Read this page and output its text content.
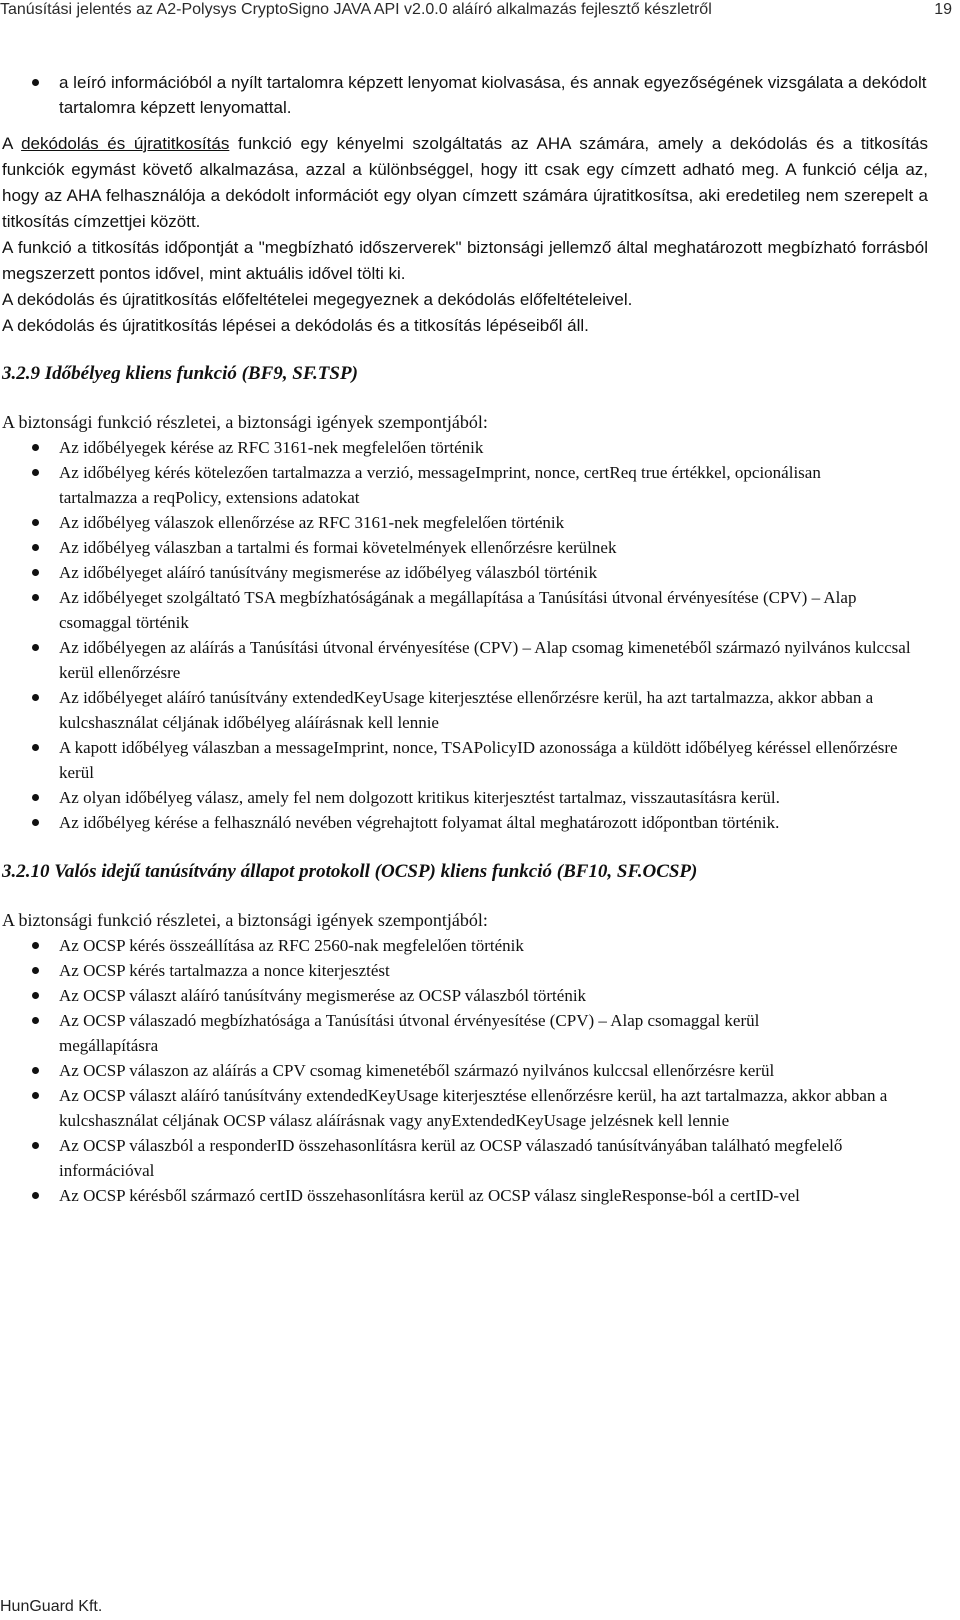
Tanúsítási jelentés az A2-Polysys CryptoSigno JAVA API v2.0.0 aláíró alkalmazás fejlesztő készletről	19
a leíró információból a nyílt tartalomra képzett lenyomat kiolvasása, és annak egyezőségének vizsgálata a dekódolt tartalomra képzett lenyomattal.

A dekódolás és újratitkosítás funkció egy kényelmi szolgáltatás az AHA számára, amely a dekódolás és a titkosítás funkciók egymást követő alkalmazása, azzal a különbséggel, hogy itt csak egy címzett adható meg. A funkció célja az, hogy az AHA felhasználója a dekódolt információt egy olyan címzett számára újratitkosítsa, aki eredetileg nem szerepelt a titkosítás címzettjei között.

A funkció a titkosítás időpontját a "megbízható időszerverek" biztonsági jellemző által meghatározott megbízható forrásból megszerzett pontos idővel, mint aktuális idővel tölti ki.

A dekódolás és újratitkosítás előfeltételei megegyeznek a dekódolás előfeltételeivel.

A dekódolás és újratitkosítás lépései a dekódolás és a titkosítás lépéseiből áll.

3.2.9 Időbélyeg kliens funkció (BF9, SF.TSP)

A biztonsági funkció részletei, a biztonsági igények szempontjából:

Az időbélyegek kérése az RFC 3161-nek megfelelően történik
Az időbélyeg kérés kötelezően tartalmazza a verzió, messageImprint, nonce, certReq true értékkel, opcionálisan tartalmazza a reqPolicy, extensions adatokat
Az időbélyeg válaszok ellenőrzése az RFC 3161-nek megfelelően történik
Az időbélyeg válaszban a tartalmi és formai követelmények ellenőrzésre kerülnek
Az időbélyeget aláíró tanúsítvány megismerése az időbélyeg válaszból történik
Az időbélyeget szolgáltató TSA megbízhatóságának a megállapítása a Tanúsítási útvonal érvényesítése (CPV) – Alap csomaggal történik
Az időbélyegen az aláírás a Tanúsítási útvonal érvényesítése (CPV) – Alap csomag kimenetéből származó nyilvános kulccsal kerül ellenőrzésre
Az időbélyeget aláíró tanúsítvány extendedKeyUsage kiterjesztése ellenőrzésre kerül, ha azt tartalmazza, akkor abban a kulcshasználat céljának időbélyeg aláírásnak kell lennie
A kapott időbélyeg válaszban a messageImprint, nonce, TSAPolicyID azonossága a küldött időbélyeg kéréssel ellenőrzésre kerül
Az olyan időbélyeg válasz, amely fel nem dolgozott kritikus kiterjesztést tartalmaz, visszautasításra kerül.
Az időbélyeg kérése a felhasználó nevében végrehajtott folyamat által meghatározott időpontban történik.

3.2.10 Valós idejű tanúsítvány állapot protokoll (OCSP) kliens funkció (BF10, SF.OCSP)

A biztonsági funkció részletei, a biztonsági igények szempontjából:

Az OCSP kérés összeállítása az RFC 2560-nak megfelelően történik
Az OCSP kérés tartalmazza a nonce kiterjesztést
Az OCSP választ aláíró tanúsítvány megismerése az OCSP válaszból történik
Az OCSP válaszadó megbízhatósága a Tanúsítási útvonal érvényesítése (CPV) – Alap csomaggal kerül megállapításra
Az OCSP válaszon az aláírás a CPV csomag kimenetéből származó nyilvános kulccsal ellenőrzésre kerül
Az OCSP választ aláíró tanúsítvány extendedKeyUsage kiterjesztése ellenőrzésre kerül, ha azt tartalmazza, akkor abban a kulcshasználat céljának OCSP válasz aláírásnak vagy anyExtendedKeyUsage jelzésnek kell lennie
Az OCSP válaszból a responderID összehasonlításra kerül az OCSP válaszadó tanúsítványában található megfelelő információval
Az OCSP kérésből származó certID összehasonlításra kerül az OCSP válasz singleResponse-ból a certID-vel
HunGuard Kft.
